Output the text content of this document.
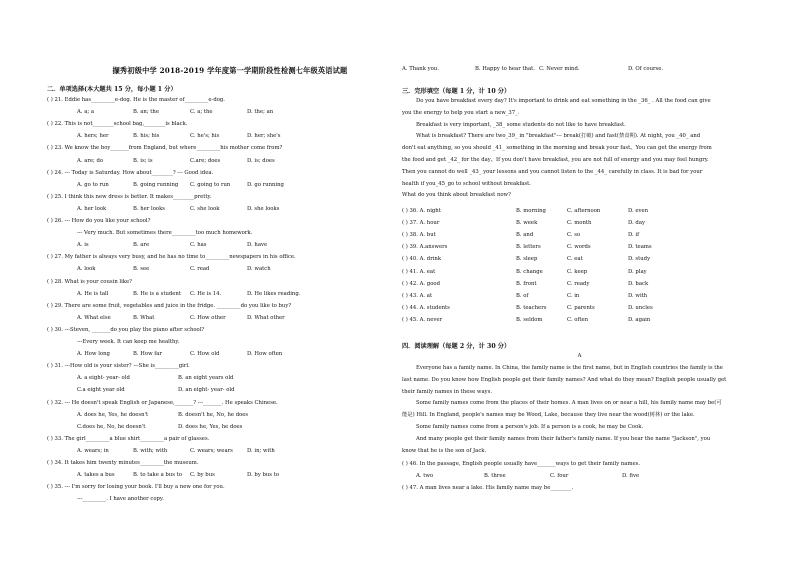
撷秀初级中学 2018-2019 学年度第一学期阶段性检测七年级英语试题
二．单项选择(本大题共 15 分，每小题 1 分）
( ) 21. Eddie has_________e-dog. He is the master of_________e-dog.
A. a; a	B. an; the	C. a; the	D. the; an
( ) 22. This is not________school bag,________is black.
A. hers; her	B. his; his	C. he's; his	D. her; she's
( ) 23. We know the boy_______from England, but where_________his mother come from?
A. are; do	B. is; is	C.are; does	D. is; does
( ) 24. --- Today is Saturday. How about________? --- Good idea.
A. go to run	B. going running C. going to run	D. go running
( ) 25. I think this new dress is better. It makes________pretty.
A. her look	B. her looks	C. she look	D. she looks
( ) 26. --- How do you like your school?
--- Very much. But sometimes there_________too much homework.
A. is	B. are	C. has	D. have
( ) 27. My father is always very busy, and he has no time to_________newspapers in his office.
A. look	B. see	C. read	D. watch
( ) 28. What is your cousin like?
A. He is tall	B. He is a student C. He is 14.	D. He likes reading.
( ) 29. There are some fruit, vegetables and juice in the fridge. _________do you like to buy?
A. What else	B. What	C. How other	D. What other
( ) 30. ---Steven, _______do you play the piano after school?
---Every week. It can keep me healthy.
A. How long	B. How far	C. How old	D. How often
( ) 31. ---How old is your sister? ---She is_________girl.
A. a eight- year- old	B. an eight years old
C.a eight year old	D. an eight- year- old
( ) 32. --- He doesn't speak English or Japanese,_______? ---_______. He speaks Chinese.
A. does he, Yes, he doesn't	B. doesn't he, No, he does
C.does he, No, he doesn't	D. does he, Yes, he does
( ) 33. The girl_________a blue shirt_________a pair of glasses.
A. wears; in	B. with; with	C. wears; wears	D. in; with
( ) 34. It takes him twenty minutes_________the museum.
A. takes a bus	B. to take a bus to C. by bus	D. by bus to
( ) 35. --- I'm sorry for losing your book. I'll buy a new one for you.
---_________. I have another copy.
A. Thank you.	B. Happy to hear that. C. Never mind.	D. Of course.
三．完形填空（每题 1 分，计 10 分）
Do you have breakfast every day? It's important to drink and eat something in the _36_ . All the food can give
you the energy to help you start a new_37_.
Breakfast is very important, _38_ some students do not like to have breakfast.
What is breakfast? There are two_39_ in "breakfast"--- break(打破) and fast(禁食期). At night, you _40_ and
don't eat anything, so you should _41_ something in the morning and break your fast。You can get the energy from
the food and get _42_ for the day。If you don't have breakfast, you are not full of energy and you may feel hungry.
Then you cannot do well _43_ your lessons and you cannot listen to the _44_ carefully in class. It is bad for your
health if you_45_go to school without breakfast.
What do you think about breakfast now?
( ) 36. A. night	B. morning	C. afternoon	D. even
( ) 37. A. hour	B. week	C. month	D. day
( ) 38. A. but	B. and	C. so	D. if
( ) 39. A.answers	B. letters	C. words	D. teams
( ) 40. A. drink	B. sleep	C. eat	D. study
( ) 41. A. eat	B. change	C. keep	D. play
( ) 42. A. good	B. front	C. ready	D. back
( ) 43. A. at	B. of	C. in	D. with
( ) 44. A. students	B. teachers	C. parents	D. uncles
( ) 45. A. never	B. seldom	C. often	D. again
四．阅读理解（每题 2 分，计 30 分）
A
Everyone has a family name. In China, the family name is the first name, but in English countries the family is the
last name. Do you know how English people get their family names? And what do they mean? English people usually get
their family names in these ways.
Some family names come from the places of their homes. A man lives on or near a hill, his family name may be(可
能是) Hill. In England, people's names may be Wood, Lake, because they live near the wood(树林) or the lake.
Some family names come from a person's job. If a person is a cook, he may be Cook.
And many people get their family names from their father's family name. If you hear the name "Jackson", you
know that he is the son of Jack.
( ) 46. In the passage, English people usually have_______ways to get their family names.
A. two	B. three	C. four	D. five
( ) 47. A man lives near a lake. His family name may be________.
